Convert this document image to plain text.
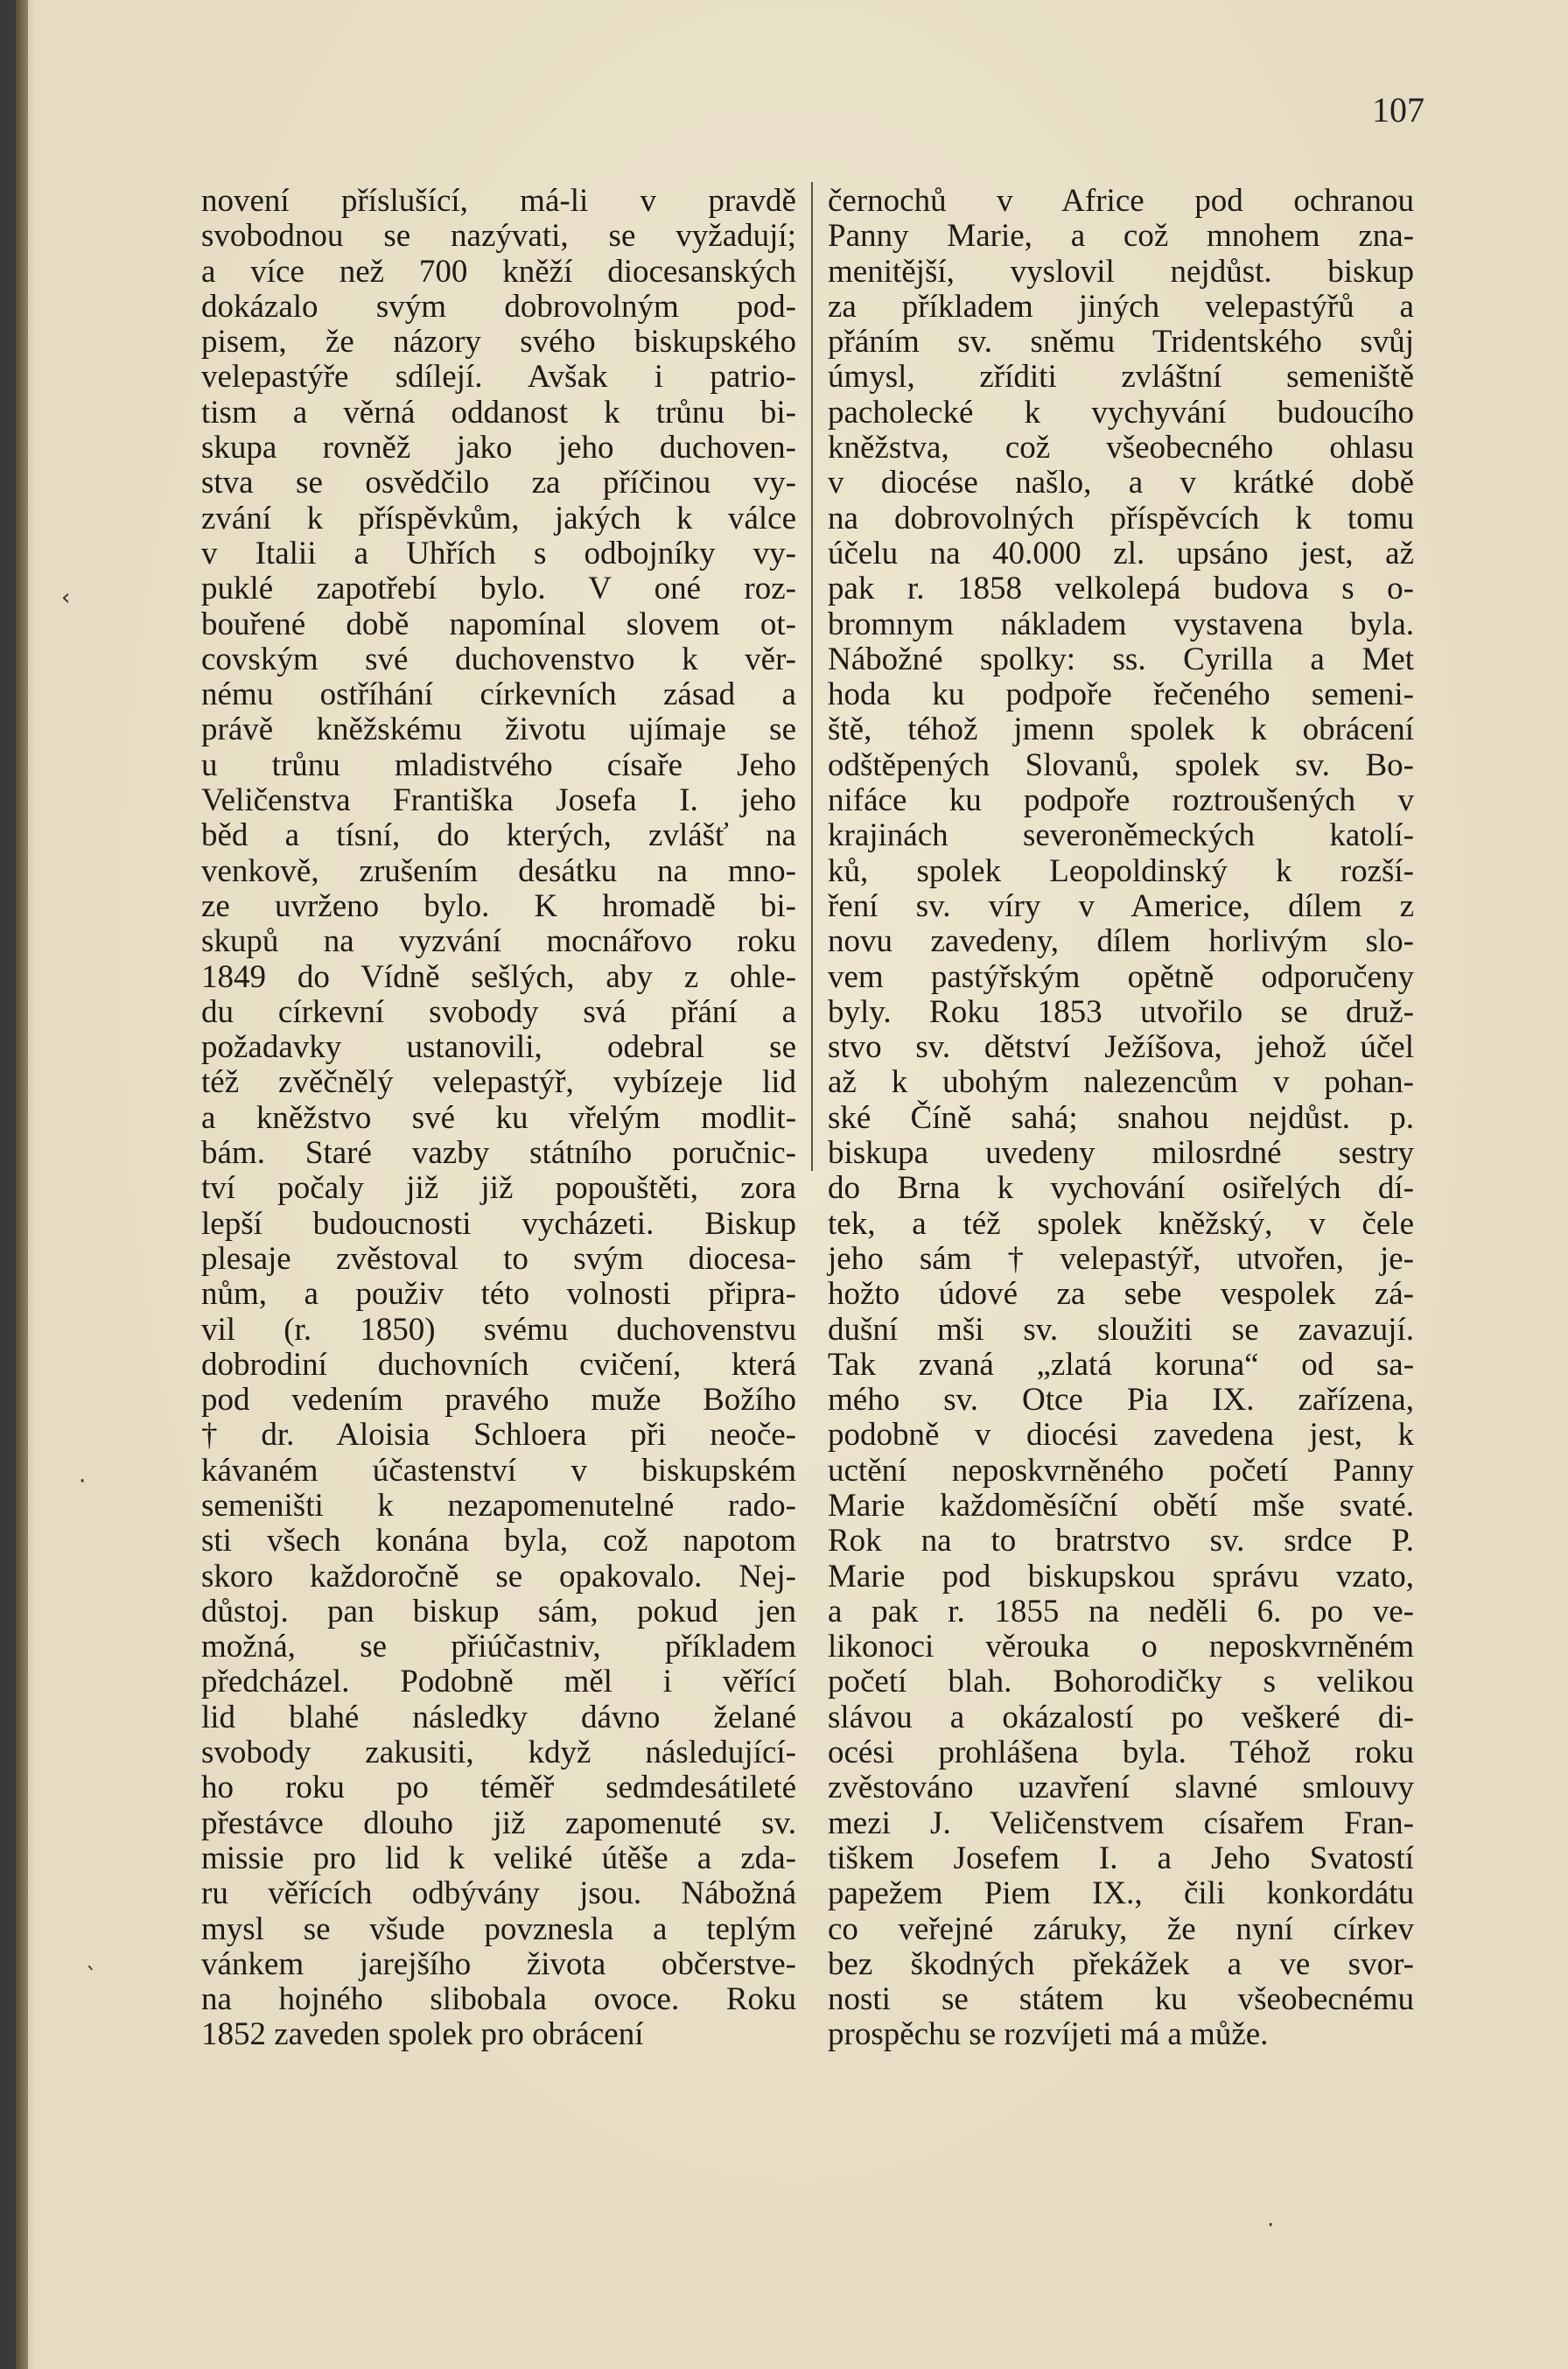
107
novení příslušící, má-li v pravdě
svobodnou se nazývati, se vyžadují;
a více než 700 kněží diocesanských
dokázalo svým dobrovolným pod-
pisem, že názory svého biskupského
velepastýře sdílejí. Avšak i patrio-
tism a věrná oddanost k trůnu bi-
skupa rovněž jako jeho duchoven-
stva se osvědčilo za příčinou vy-
zvání k příspěvkům, jakých k válce
v Italii a Uhřích s odbojníky vy-
puklé zapotřebí bylo. V oné roz-
bouřené době napomínal slovem ot-
covským své duchovenstvo k věr-
nému ostříhání církevních zásad a
právě kněžskému životu ujímaje se
u trůnu mladistvého císaře Jeho
Veličenstva Františka Josefa I. jeho
běd a tísní, do kterých, zvlášť na
venkově, zrušením desátku na mno-
ze uvrženo bylo. K hromadě bi-
skupů na vyzvání mocnářovo roku
1849 do Vídně sešlých, aby z ohle-
du církevní svobody svá přání a
požadavky ustanovili, odebral se
též zvěčnělý velepastýř, vybízeje lid
a kněžstvo své ku vřelým modlit-
bám. Staré vazby státního poručnic-
tví počaly již již popouštěti, zora
lepší budoucnosti vycházeti. Biskup
plesaje zvěstoval to svým diocesa-
nům, a použiv této volnosti připra-
vil (r. 1850) svému duchovenstvu
dobrodiní duchovních cvičení, která
pod vedením pravého muže Božího
† dr. Aloisia Schloera při neoče-
kávaném účastenství v biskupském
semeništi k nezapomenutelné rado-
sti všech konána byla, což napotom
skoro každoročně se opakovalo. Nej-
důstoj. pan biskup sám, pokud jen
možná, se přiúčastniv, příkladem
předcházel. Podobně měl i věřící
lid blahé následky dávno želané
svobody zakusiti, když následující-
ho roku po téměř sedmdesátileté
přestávce dlouho již zapomenuté sv.
missie pro lid k veliké útěše a zda-
ru věřících odbývány jsou. Nábožná
mysl se všude povznesla a teplým
vánkem jarejšího života občerstve-
na hojného slibobala ovoce. Roku
1852 zaveden spolek pro obrácení
černochů v Africe pod ochranou
Panny Marie, a což mnohem zna-
menitější, vyslovil nejdůst. biskup
za příkladem jiných velepastýřů a
přáním sv. sněmu Tridentského svůj
úmysl, zříditi zvláštní semeniště
pacholecké k vychyvání budoucího
kněžstva, což všeobecného ohlasu
v diocése našlo, a v krátké době
na dobrovolných příspěvcích k tomu
účelu na 40.000 zl. upsáno jest, až
pak r. 1858 velkolepá budova s o-
bromnym nákladem vystavena byla.
Nábožné spolky: ss. Cyrilla a Met
hoda ku podpoře řečeného semeni-
ště, téhož jmenn spolek k obrácení
odštěpených Slovanů, spolek sv. Bo-
nifáce ku podpoře roztroušených v
krajinách severoněmeckých katolí-
ků, spolek Leopoldinský k rozší-
ření sv. víry v Americe, dílem z
novu zavedeny, dílem horlivým slo-
vem pastýřským opětně odporučeny
byly. Roku 1853 utvořilo se druž-
stvo sv. dětství Ježíšova, jehož účel
až k ubohým nalezencům v pohan-
ské Číně sahá; snahou nejdůst. p.
biskupa uvedeny milosrdné sestry
do Brna k vychování osiřelých dí-
tek, a též spolek kněžský, v čele
jeho sám † velepastýř, utvořen, je-
hožto údové za sebe vespolek zá-
dušní mši sv. sloužiti se zavazují.
Tak zvaná „zlatá koruna“ od sa-
mého sv. Otce Pia IX. zařízena,
podobně v diocési zavedena jest, k
uctění neposkvrněného početí Panny
Marie každoměsíční obětí mše svaté.
Rok na to bratrstvo sv. srdce P.
Marie pod biskupskou správu vzato,
a pak r. 1855 na neděli 6. po ve-
likonoci věrouka o neposkvrněném
početí blah. Bohorodičky s velikou
slávou a okázalostí po veškeré di-
ocési prohlášena byla. Téhož roku
zvěstováno uzavření slavné smlouvy
mezi J. Veličenstvem císařem Fran-
tiškem Josefem I. a Jeho Svatostí
papežem Piem IX., čili konkordátu
co veřejné záruky, že nyní církev
bez škodných překážek a ve svor-
nosti se státem ku všeobecnému
prospěchu se rozvíjeti má a může.
‹
·
ˎ
·
